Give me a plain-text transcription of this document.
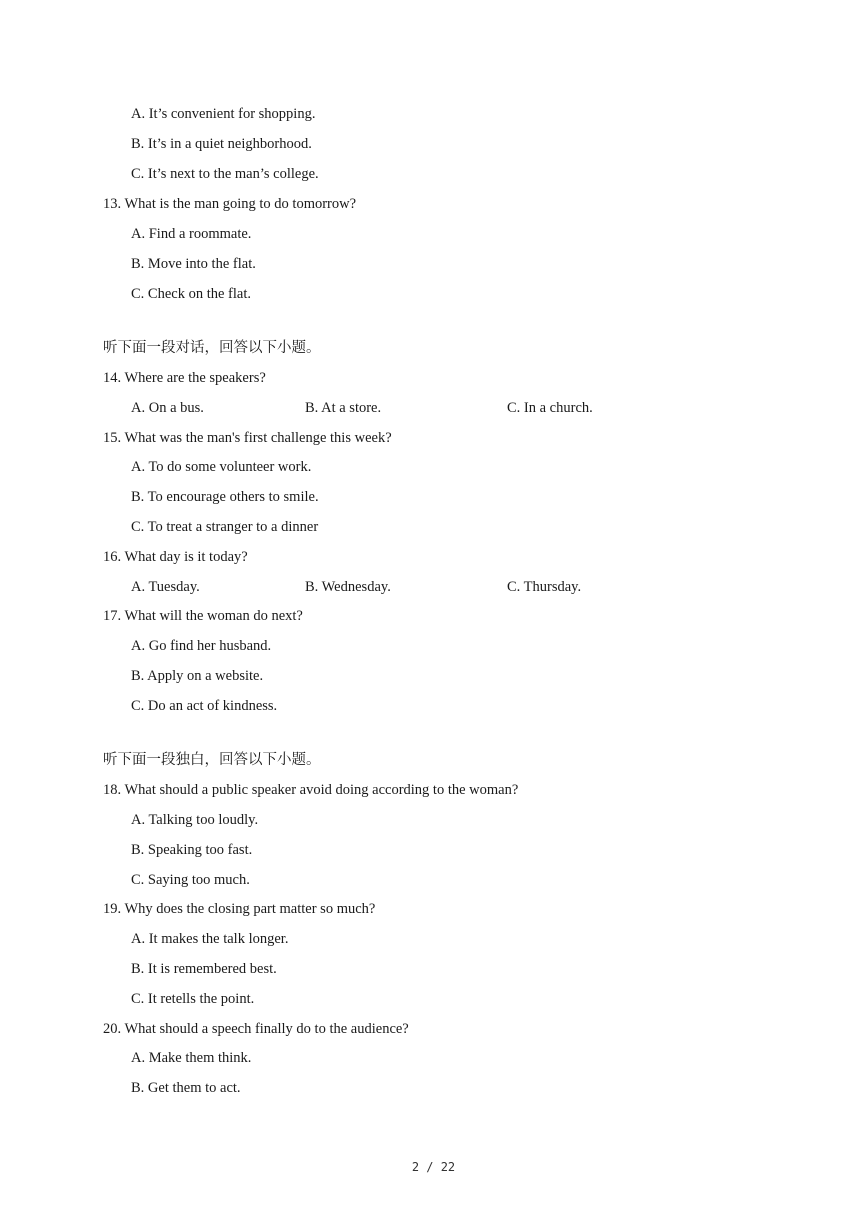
A. It’s convenient for shopping.
B. It’s in a quiet neighborhood.
C. It’s next to the man’s college.
13. What is the man going to do tomorrow?
A. Find a roommate.
B. Move into the flat.
C. Check on the flat.
听下面一段对话，回答以下小题。
14. Where are the speakers?
A. On a bus.	B. At a store.	C. In a church.
15. What was the man's first challenge this week?
A. To do some volunteer work.
B. To encourage others to smile.
C. To treat a stranger to a dinner
16. What day is it today?
A. Tuesday.	B. Wednesday.	C. Thursday.
17. What will the woman do next?
A. Go find her husband.
B. Apply on a website.
C. Do an act of kindness.
听下面一段独白，回答以下小题。
18. What should a public speaker avoid doing according to the woman?
A. Talking too loudly.
B. Speaking too fast.
C. Saying too much.
19. Why does the closing part matter so much?
A. It makes the talk longer.
B. It is remembered best.
C. It retells the point.
20. What should a speech finally do to the audience?
A. Make them think.
B. Get them to act.
2 / 22
